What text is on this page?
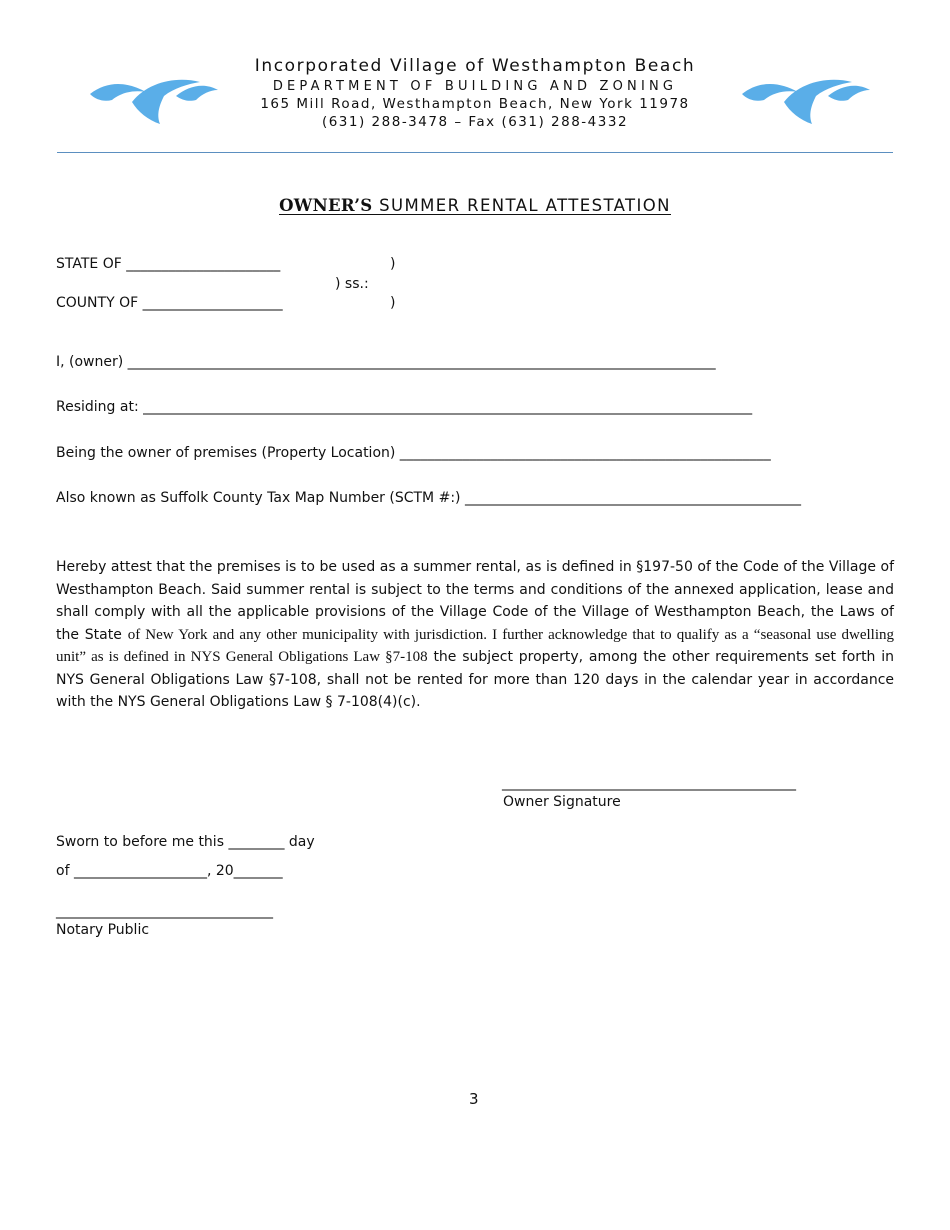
Incorporated Village of Westhampton Beach
DEPARTMENT OF BUILDING AND ZONING
165 Mill Road, Westhampton Beach, New York 11978
(631) 288-3478 – Fax (631) 288-4332
OWNER’S SUMMER RENTAL ATTESTATION
STATE OF ______________________	)
) ss.:
COUNTY OF ____________________	)
I, (owner) ____________________________________________________________________________________
Residing at: _______________________________________________________________________________________
Being the owner of premises (Property Location) _____________________________________________________
Also known as Suffolk County Tax Map Number (SCTM #:) ________________________________________________
Hereby attest that the premises is to be used as a summer rental, as is defined in §197-50 of the Code of the Village of Westhampton Beach. Said summer rental is subject to the terms and conditions of the annexed application, lease and shall comply with all the applicable provisions of the Village Code of the Village of Westhampton Beach, the Laws of the State of New York and any other municipality with jurisdiction. I further acknowledge that to qualify as a “seasonal use dwelling unit” as is defined in NYS General Obligations Law §7-108 the subject property, among the other requirements set forth in NYS General Obligations Law §7-108, shall not be rented for more than 120 days in the calendar year in accordance with the NYS General Obligations Law § 7-108(4)(c).
__________________________________________
Owner Signature
Sworn to before me this ________ day
of ___________________, 20_______
_______________________________
Notary Public
3
